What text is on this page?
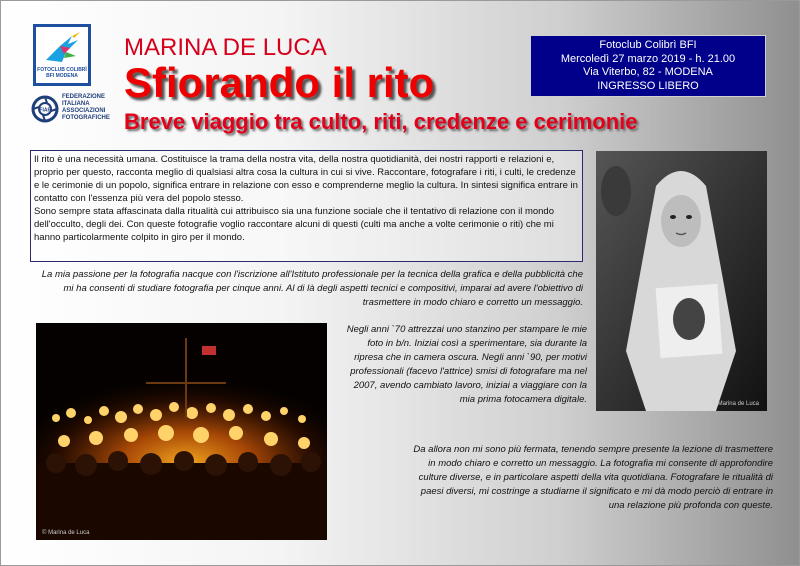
FOTOCLUB COLIBRÌ BFI MODENA
FIAF
FEDERAZIONE
ITALIANA
ASSOCIAZIONI
FOTOGRAFICHE
MARINA DE LUCA
Sfiorando il rito
Breve viaggio tra culto, riti, credenze e cerimonie
Fotoclub Colibrì BFI
Mercoledì 27 marzo 2019 - h. 21.00
Via Viterbo, 82 - MODENA
INGRESSO LIBERO

Il rito è una necessità umana. Costituisce la trama della nostra vita, della nostra quotidianità, dei nostri rapporti e relazioni e, proprio per questo, racconta meglio di qualsiasi altra cosa la cultura in cui si vive. Raccontare, fotografare i riti, i culti, le credenze e le cerimonie di un popolo, significa entrare in relazione con esso e comprenderne meglio la cultura. In sintesi significa entrare in contatto con l'essenza più vera del popolo stesso.

Sono sempre stata affascinata dalla ritualità cui attribuisco sia una funzione sociale che il tentativo di relazione con il mondo dell'occulto, degli dei. Con queste fotografie voglio raccontare alcuni di questi (culti ma anche a volte cerimonie o riti) che mi hanno particolarmente colpito in giro per il mondo.

La mia passione per la fotografia nacque con l'iscrizione all'Istituto professionale per la tecnica della grafica e della pubblicità che mi ha consenti di studiare fotografia per cinque anni. Al di là degli aspetti tecnici e compositivi, imparai ad avere l'obiettivo di trasmettere in modo chiaro e corretto un messaggio.
Negli anni `70 attrezzai uno stanzino per stampare le mie foto in b/n. Iniziai così a sperimentare, sia durante la ripresa che in camera oscura. Negli anni `90, per motivi professionali (facevo l'attrice) smisi di fotografare ma nel 2007, avendo cambiato lavoro, iniziai a viaggiare con la mia prima fotocamera digitale.
Da allora non mi sono più fermata, tenendo sempre presente la lezione di trasmettere in modo chiaro e corretto un messaggio. La fotografia mi consente di approfondire culture diverse, e in particolare aspetti della vita quotidiana. Fotografare le ritualità di paesi diversi, mi costringe a studiarne il significato e mi dà modo perciò di entrare in una relazione più profonda con queste.
© Marina de Luca
© Marina de Luca
